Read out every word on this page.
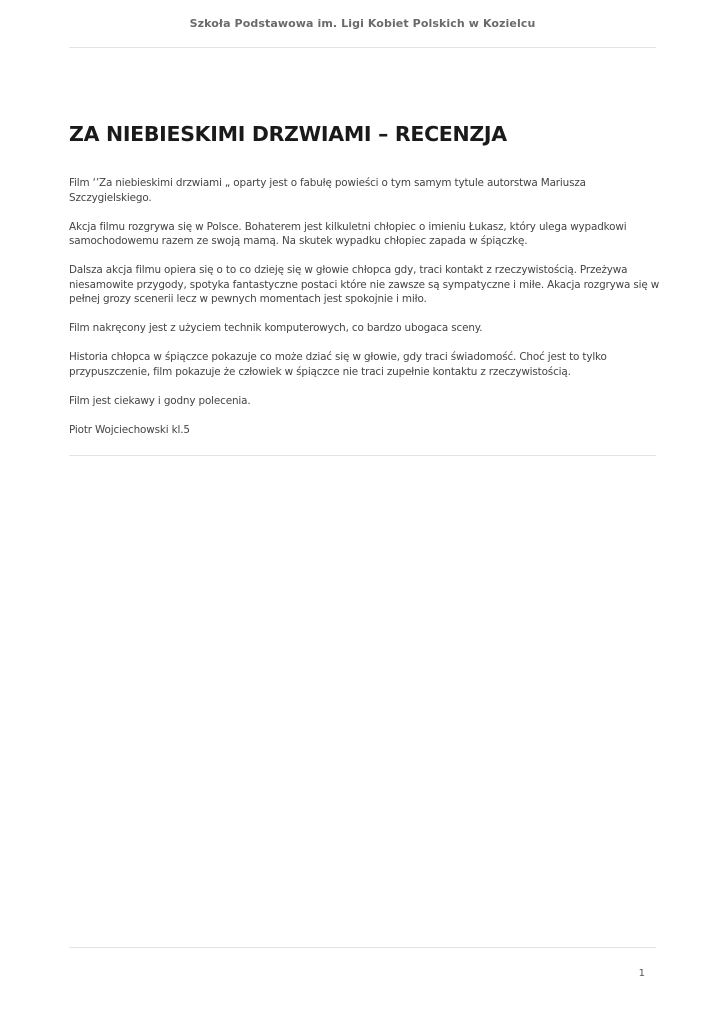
Szkoła Podstawowa im. Ligi Kobiet Polskich w Kozielcu
ZA NIEBIESKIMI DRZWIAMI – RECENZJA

Film ‘’Za niebieskimi drzwiami „ oparty jest o fabułę powieści o tym samym tytule autorstwa Mariusza Szczygielskiego.

Akcja filmu rozgrywa się w Polsce. Bohaterem jest kilkuletni chłopiec o imieniu Łukasz, który ulega wypadkowi
samochodowemu razem ze swoją mamą. Na skutek wypadku chłopiec zapada w śpiączkę.

Dalsza akcja filmu opiera się o to co dzieję się w głowie chłopca gdy, traci kontakt z rzeczywistością. Przeżywa
niesamowite przygody, spotyka fantastyczne postaci które nie zawsze są sympatyczne i miłe. Akacja rozgrywa się w
pełnej grozy scenerii lecz w pewnych momentach jest spokojnie i miło.

Film nakręcony jest z użyciem technik komputerowych, co bardzo ubogaca sceny.

Historia chłopca w śpiączce pokazuje co może dziać się w głowie, gdy traci świadomość. Choć jest to tylko
przypuszczenie, film pokazuje że człowiek w śpiączce nie traci zupełnie kontaktu z rzeczywistością.

Film jest ciekawy i godny polecenia.

Piotr Wojciechowski kl.5

1
